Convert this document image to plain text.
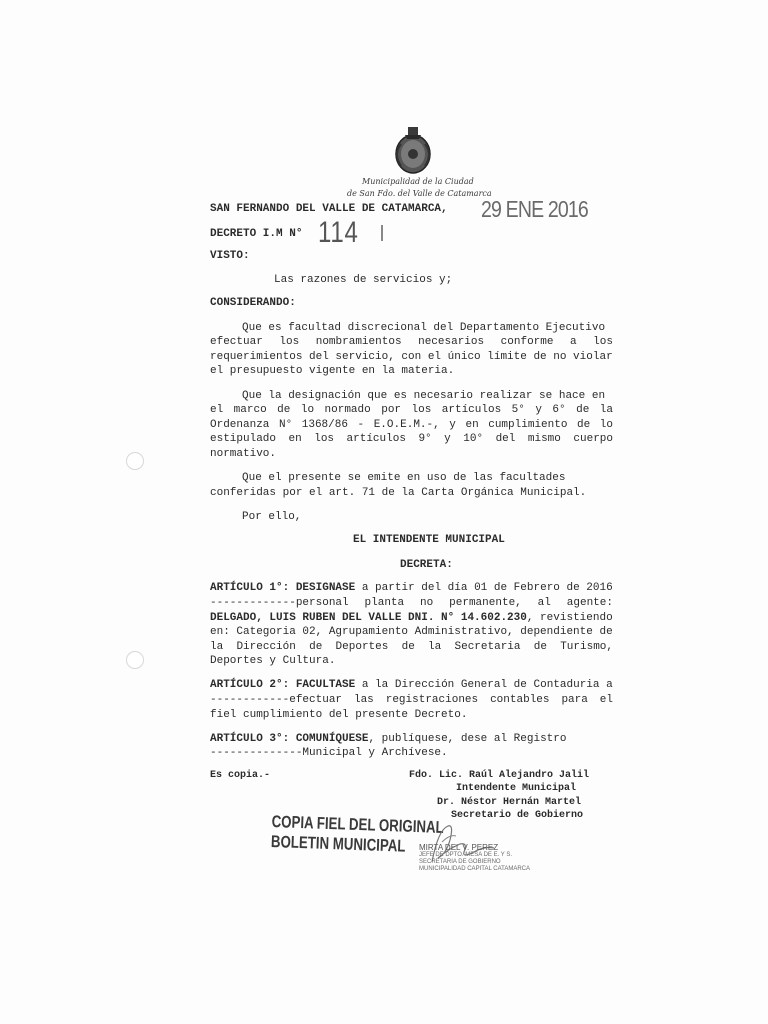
Municipalidad de la Ciudad
de San Fdo. del Valle de Catamarca
SAN FERNANDO DEL VALLE DE CATAMARCA, 29 ENE 2016
DECRETO I.M N° 114
VISTO:
Las razones de servicios y;
CONSIDERANDO:
Que es facultad discrecional del Departamento Ejecutivo
efectuar los nombramientos necesarios conforme a los
requerimientos del servicio, con el único límite de no violar
el presupuesto vigente en la materia.
Que la designación que es necesario realizar se hace en
el marco de lo normado por los artículos 5° y 6° de la
Ordenanza N° 1368/86 - E.O.E.M.-, y en cumplimiento de lo
estipulado en los artículos 9° y 10° del mismo cuerpo
normativo.
Que el presente se emite en uso de las facultades
conferidas por el art. 71 de la Carta Orgánica Municipal.
Por ello,
EL INTENDENTE MUNICIPAL
DECRETA:
ARTÍCULO 1°: DESIGNASE a partir del día 01 de Febrero de 2016
-------------personal planta no permanente, al agente:
DELGADO, LUIS RUBEN DEL VALLE DNI. N° 14.602.230, revistiendo
en: Categoria 02, Agrupamiento Administrativo, dependiente de
la Dirección de Deportes de la Secretaria de Turismo,
Deportes y Cultura.
ARTÍCULO 2°: FACULTASE a la Dirección General de Contaduria a
------------efectuar las registraciones contables para el
fiel cumplimiento del presente Decreto.
ARTÍCULO 3°: COMUNÍQUESE, publíquese, dese al Registro
--------------Municipal y Archívese.
Es copia.-	Fdo. Lic. Raúl Alejandro Jalil
Intendente Municipal
Dr. Néstor Hernán Martel
Secretario de Gobierno
COPIA FIEL DEL ORIGINAL
BOLETIN MUNICIPAL	MIRTA DEL V. PEREZ
JEFE DE DPTO. MESA DE E. Y S.
SECRETARIA DE GOBIERNO
MUNICIPALIDAD CAPITAL CATAMARCA
